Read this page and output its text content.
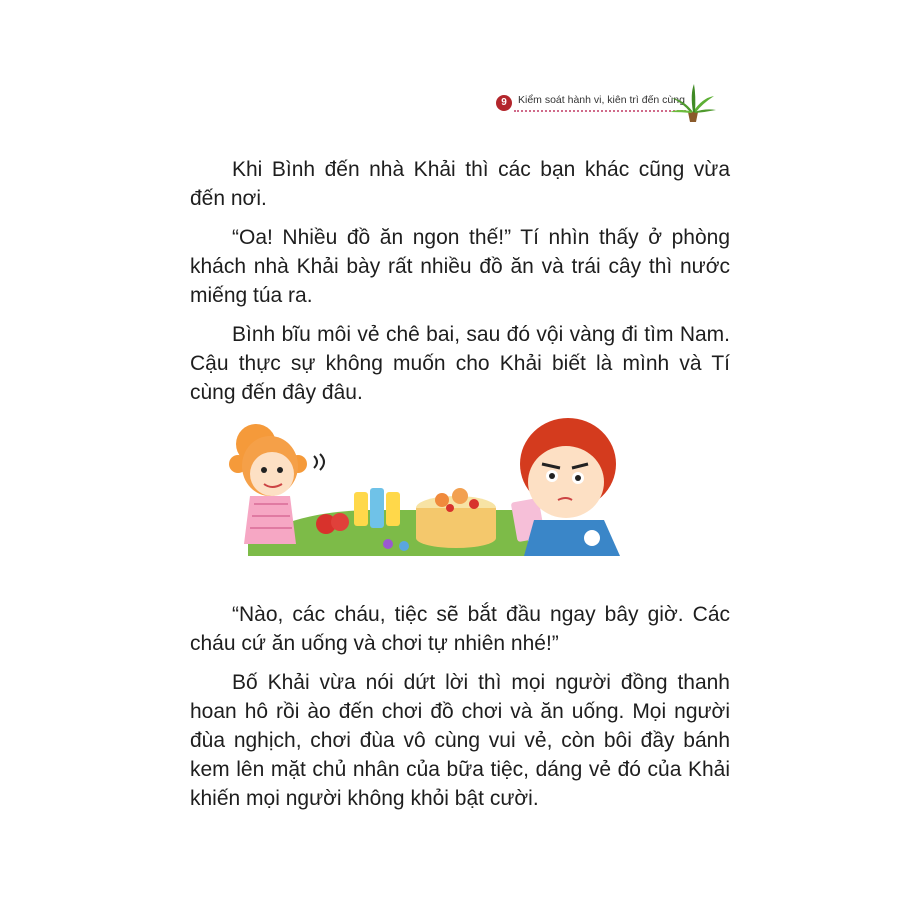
9	Kiểm soát hành vi, kiên trì đến cùng

Khi Bình đến nhà Khải thì các bạn khác cũng vừa đến nơi.

“Oa! Nhiều đồ ăn ngon thế!” Tí nhìn thấy ở phòng khách nhà Khải bày rất nhiều đồ ăn và trái cây thì nước miếng túa ra.

Bình bĩu môi vẻ chê bai, sau đó vội vàng đi tìm Nam. Cậu thực sự không muốn cho Khải biết là mình và Tí cùng đến đây đâu.

“Nào, các cháu, tiệc sẽ bắt đầu ngay bây giờ. Các cháu cứ ăn uống và chơi tự nhiên nhé!”

Bố Khải vừa nói dứt lời thì mọi người đồng thanh hoan hô rồi ào đến chơi đồ chơi và ăn uống. Mọi người đùa nghịch, chơi đùa vô cùng vui vẻ, còn bôi đầy bánh kem lên mặt chủ nhân của bữa tiệc, dáng vẻ đó của Khải khiến mọi người không khỏi bật cười.
